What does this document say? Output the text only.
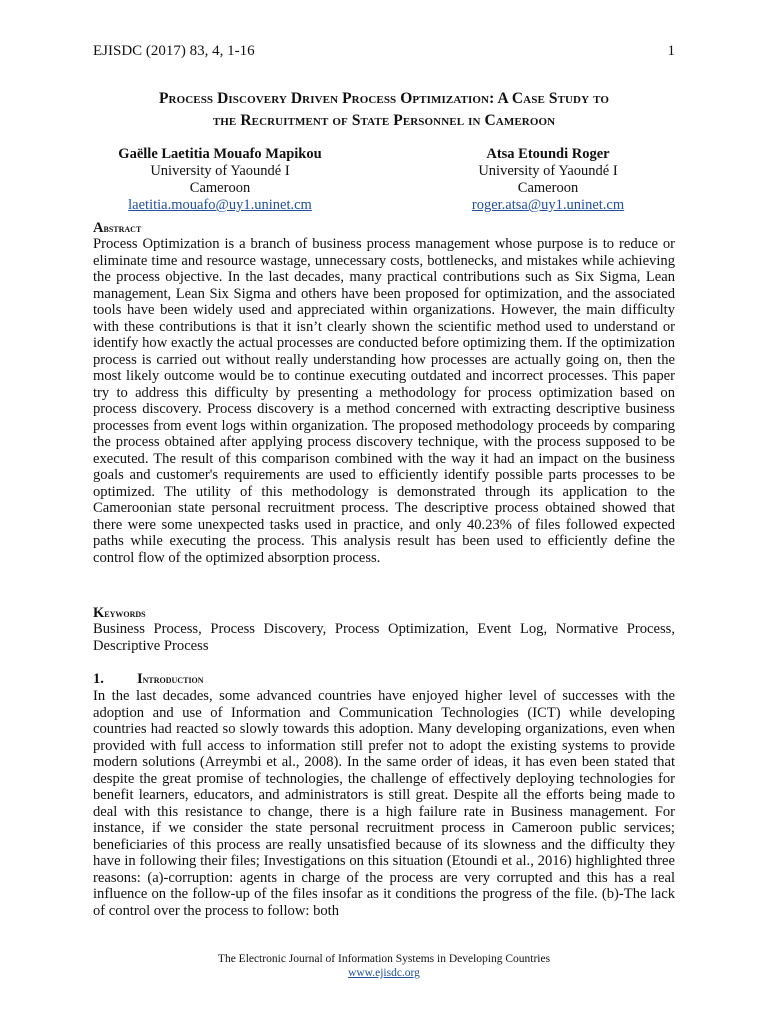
EJISDC (2017) 83, 4, 1-16	1
Process Discovery Driven Process Optimization: A Case Study to
the Recruitment of State Personnel in Cameroon
Gaëlle Laetitia Mouafo Mapikou
University of Yaoundé I
Cameroon
laetitia.mouafo@uy1.uninet.cm
Atsa Etoundi Roger
University of Yaoundé I
Cameroon
roger.atsa@uy1.uninet.cm
Abstract
Process Optimization is a branch of business process management whose purpose is to reduce or eliminate time and resource wastage, unnecessary costs, bottlenecks, and mistakes while achieving the process objective. In the last decades, many practical contributions such as Six Sigma, Lean management, Lean Six Sigma and others have been proposed for optimization, and the associated tools have been widely used and appreciated within organizations. However, the main difficulty with these contributions is that it isn’t clearly shown the scientific method used to understand or identify how exactly the actual processes are conducted before optimizing them. If the optimization process is carried out without really understanding how processes are actually going on, then the most likely outcome would be to continue executing outdated and incorrect processes. This paper try to address this difficulty by presenting a methodology for process optimization based on process discovery. Process discovery is a method concerned with extracting descriptive business processes from event logs within organization. The proposed methodology proceeds by comparing the process obtained after applying process discovery technique, with the process supposed to be executed. The result of this comparison combined with the way it had an impact on the business goals and customer's requirements are used to efficiently identify possible parts processes to be optimized. The utility of this methodology is demonstrated through its application to the Cameroonian state personal recruitment process. The descriptive process obtained showed that there were some unexpected tasks used in practice, and only 40.23% of files followed expected paths while executing the process. This analysis result has been used to efficiently define the control flow of the optimized absorption process.
Keywords
Business Process, Process Discovery, Process Optimization, Event Log, Normative Process, Descriptive Process
1.	Introduction
In the last decades, some advanced countries have enjoyed higher level of successes with the adoption and use of Information and Communication Technologies (ICT) while developing countries had reacted so slowly towards this adoption. Many developing organizations, even when provided with full access to information still prefer not to adopt the existing systems to provide modern solutions (Arreymbi et al., 2008). In the same order of ideas, it has even been stated that despite the great promise of technologies, the challenge of effectively deploying technologies for benefit learners, educators, and administrators is still great. Despite all the efforts being made to deal with this resistance to change, there is a high failure rate in Business management. For instance, if we consider the state personal recruitment process in Cameroon public services; beneficiaries of this process are really unsatisfied because of its slowness and the difficulty they have in following their files; Investigations on this situation (Etoundi et al., 2016) highlighted three reasons: (a)-corruption: agents in charge of the process are very corrupted and this has a real influence on the follow-up of the files insofar as it conditions the progress of the file. (b)-The lack of control over the process to follow: both
The Electronic Journal of Information Systems in Developing Countries
www.ejisdc.org
